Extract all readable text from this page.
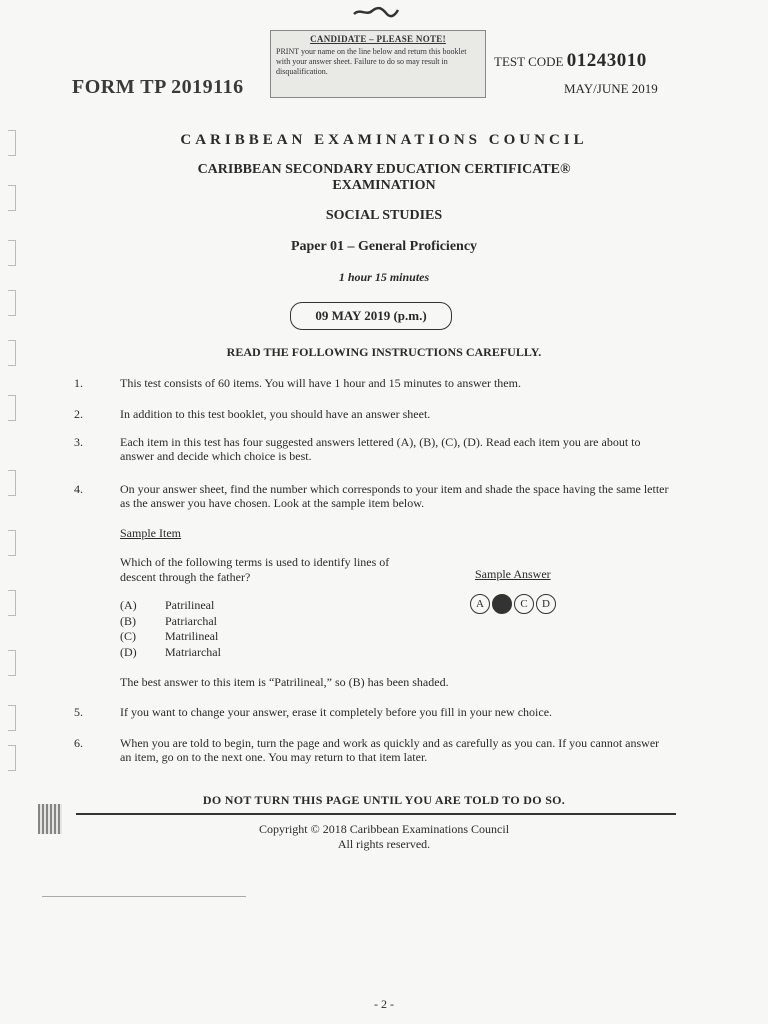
CANDIDATE – PLEASE NOTE!
PRINT your name on the line below and return this booklet with your answer sheet. Failure to do so may result in disqualification.
FORM TP 2019116
TEST CODE 01243010
MAY/JUNE 2019
CARIBBEAN EXAMINATIONS COUNCIL
CARIBBEAN SECONDARY EDUCATION CERTIFICATE®
EXAMINATION
SOCIAL STUDIES
Paper 01 – General Proficiency
1 hour 15 minutes
09 MAY 2019 (p.m.)
READ THE FOLLOWING INSTRUCTIONS CAREFULLY.
1.	This test consists of 60 items. You will have 1 hour and 15 minutes to answer them.
2.	In addition to this test booklet, you should have an answer sheet.
3.	Each item in this test has four suggested answers lettered (A), (B), (C), (D). Read each item you are about to answer and decide which choice is best.
4.	On your answer sheet, find the number which corresponds to your item and shade the space having the same letter as the answer you have chosen. Look at the sample item below.
Sample Item
Which of the following terms is used to identify lines of descent through the father?	Sample Answer
(A)	Patrilineal
(B)	Patriarchal
(C)	Matrilineal
(D)	Matriarchal
A	B	C	D
The best answer to this item is “Patrilineal,” so (B) has been shaded.
5.	If you want to change your answer, erase it completely before you fill in your new choice.
6.	When you are told to begin, turn the page and work as quickly and as carefully as you can. If you cannot answer an item, go on to the next one. You may return to that item later.
DO NOT TURN THIS PAGE UNTIL YOU ARE TOLD TO DO SO.
Copyright © 2018 Caribbean Examinations Council
All rights reserved.
- 2 -
